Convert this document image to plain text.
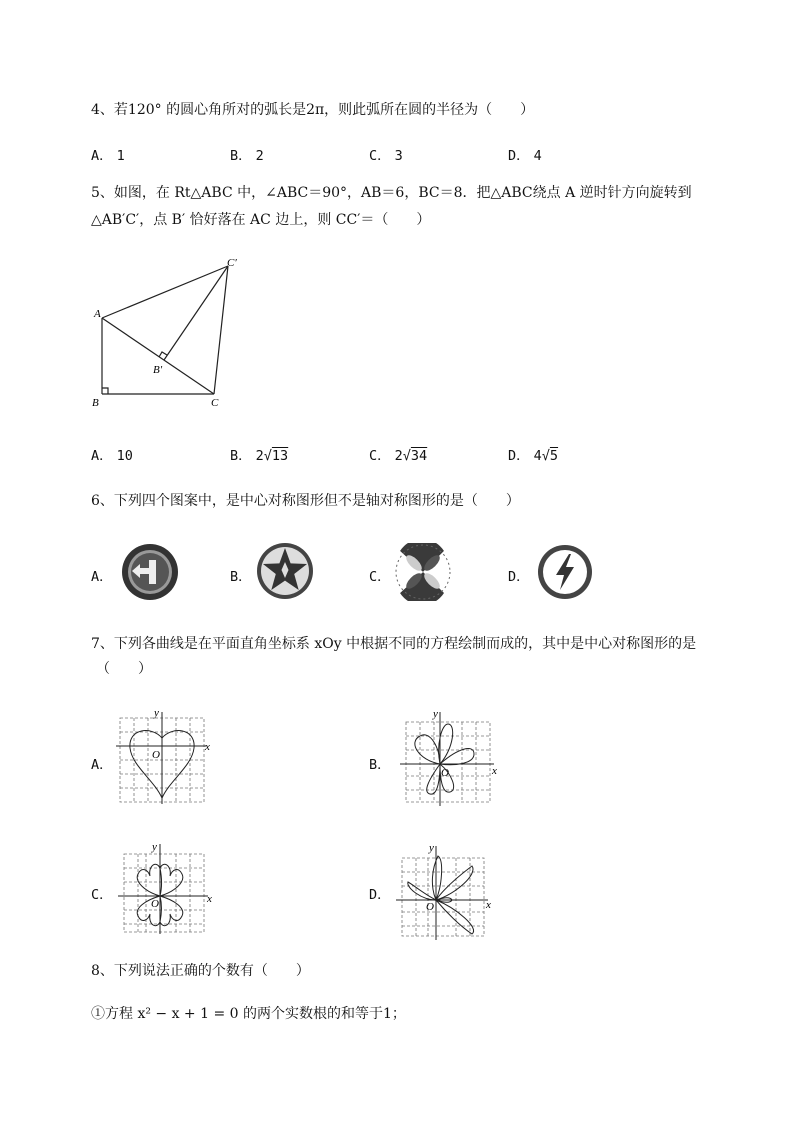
4、若120° 的圆心角所对的弧长是2π，则此弧所在圆的半径为（　　）
A． 1	B． 2	C． 3	D． 4
5、如图，在 Rt△ABC 中，∠ABC＝90°，AB＝6，BC＝8．把△ABC绕点 A 逆时针方向旋转到
△AB′C′，点 B′ 恰好落在 AC 边上，则 CC′＝（　　）
A
B	C
B′
C′
A． 10	B． 2√13	C． 2√34	D． 4√5
6、下列四个图案中，是中心对称图形但不是轴对称图形的是（　　）
A．	B．	C．	D．
7、下列各曲线是在平面直角坐标系 xOy 中根据不同的方程绘制而成的，其中是中心对称图形的是
（　　）
A．
x
y
O
B．	x
y
O
C．	x
y
O
D．
x
y
O
8、下列说法正确的个数有（　　）
①方程 x² − x + 1 = 0 的两个实数根的和等于1；
